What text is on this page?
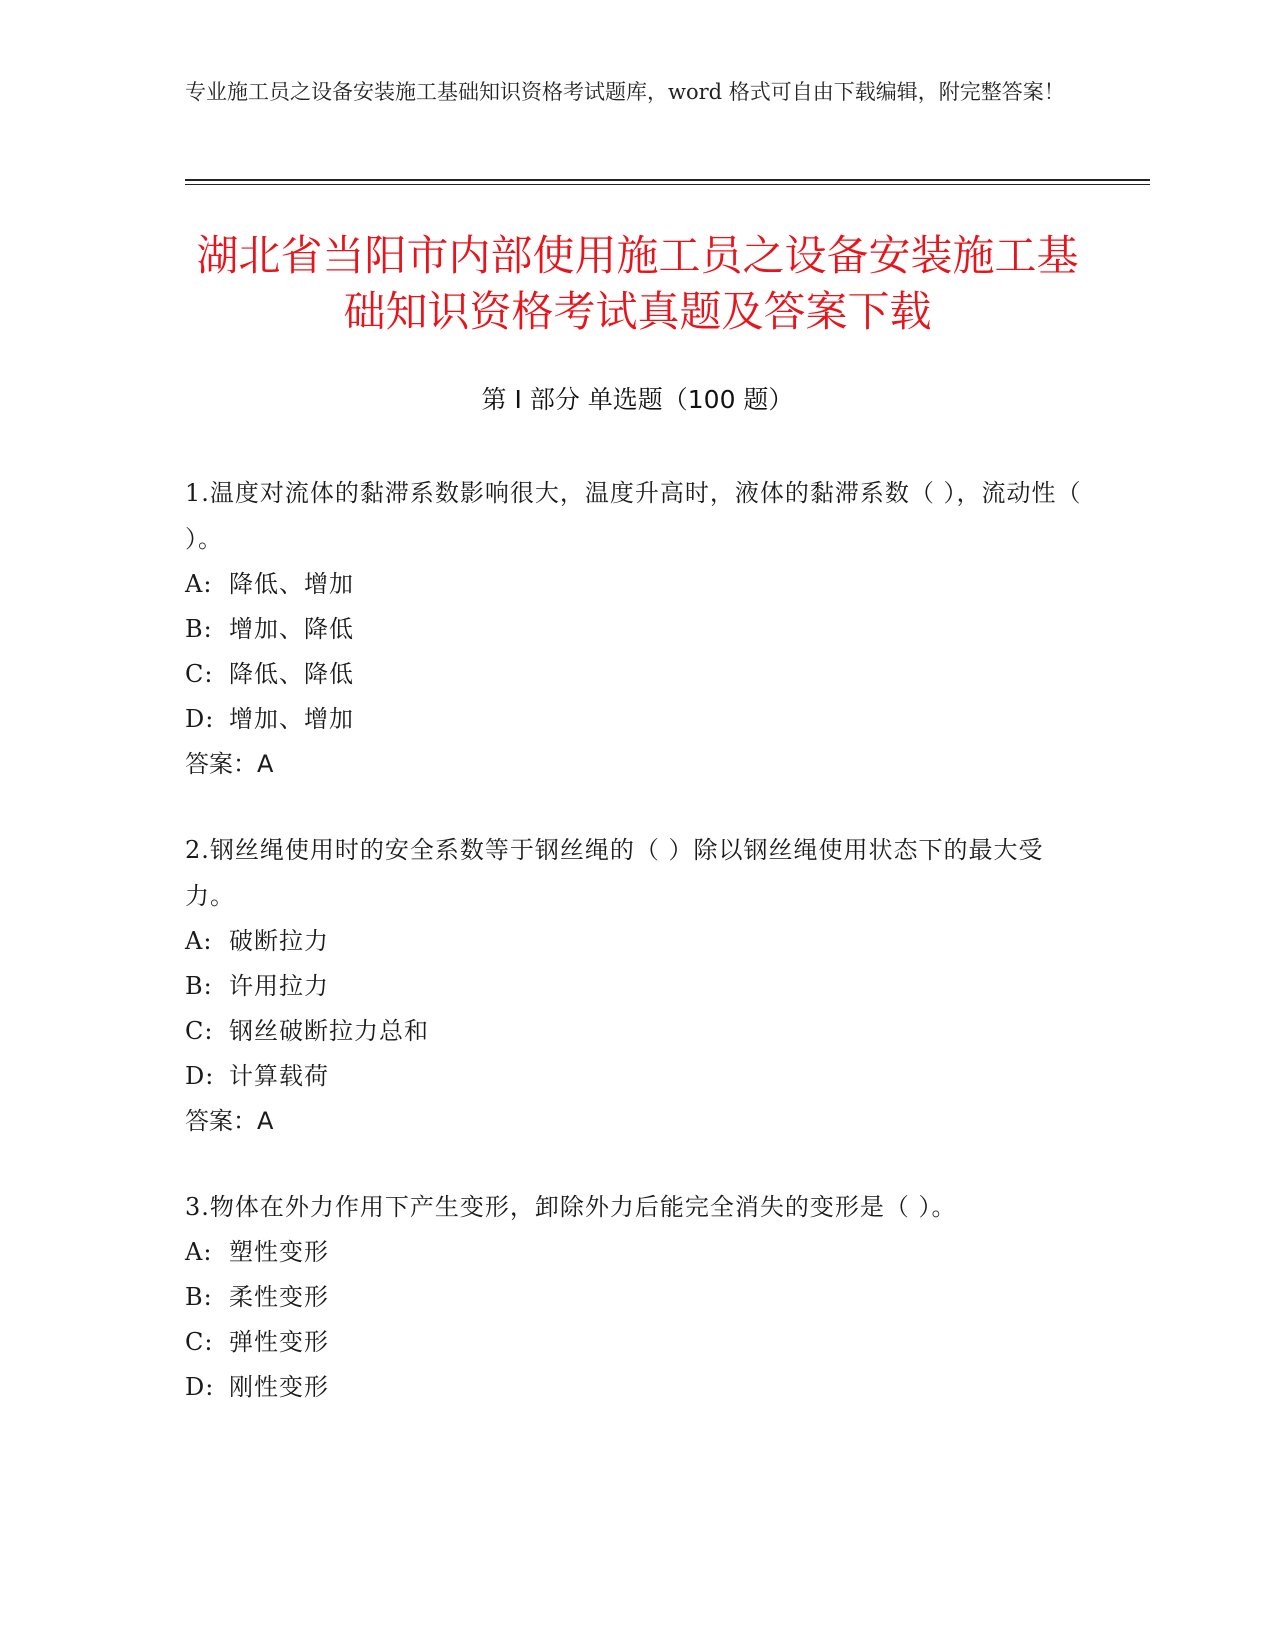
专业施工员之设备安装施工基础知识资格考试题库，word 格式可自由下载编辑，附完整答案！
湖北省当阳市内部使用施工员之设备安装施工基础知识资格考试真题及答案下载
第 I 部分 单选题（100 题）
1.温度对流体的黏滞系数影响很大，温度升高时，液体的黏滞系数（ ），流动性（ ）。
A: 降低、增加
B: 增加、降低
C: 降低、降低
D: 增加、增加
答案：A
2.钢丝绳使用时的安全系数等于钢丝绳的（ ）除以钢丝绳使用状态下的最大受力。
A: 破断拉力
B: 许用拉力
C: 钢丝破断拉力总和
D: 计算载荷
答案：A
3.物体在外力作用下产生变形，卸除外力后能完全消失的变形是（ ）。
A: 塑性变形
B: 柔性变形
C: 弹性变形
D: 刚性变形
